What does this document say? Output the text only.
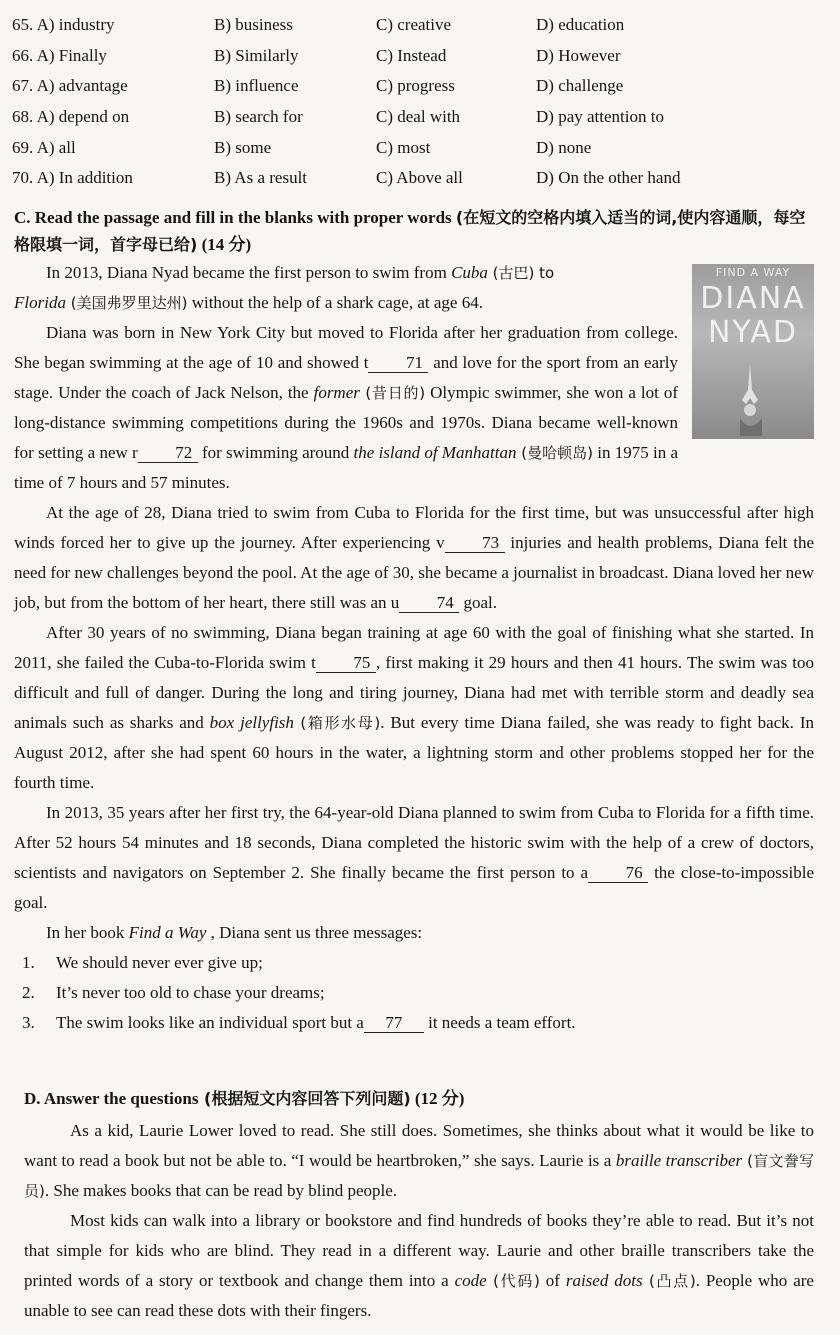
65. A) industry	B) business	C) creative	D) education
66. A) Finally	B) Similarly	C) Instead	D) However
67. A) advantage	B) influence	C) progress	D) challenge
68. A) depend on	B) search for	C) deal with	D) pay attention to
69. A) all	B) some	C) most	D) none
70. A) In addition	B) As a result	C) Above all	D) On the other hand
C. Read the passage and fill in the blanks with proper words (在短文的空格内填入适当的词,使内容通顺，每空格限填一词，首字母已给) (14 分)
FIND A WAY
DIANA
NYAD

In 2013, Diana Nyad became the first person to swim from Cuba (古巴) to
Florida (美国弗罗里达州) without the help of a shark cage, at age 64.

Diana was born in New York City but moved to Florida after her graduation from college. She began swimming at the age of 10 and showed t 71 and love for the sport from an early stage. Under the coach of Jack Nelson, the former (昔日的) Olympic swimmer, she won a lot of long-distance swimming competitions during the 1960s and 1970s. Diana became well-known for setting a new r 72 for swimming around the island of Manhattan (曼哈顿岛) in 1975 in a time of 7 hours and 57 minutes.

At the age of 28, Diana tried to swim from Cuba to Florida for the first time, but was unsuccessful after high winds forced her to give up the journey. After experiencing v 73 injuries and health problems, Diana felt the need for new challenges beyond the pool. At the age of 30, she became a journalist in broadcast. Diana loved her new job, but from the bottom of her heart, there still was an u 74 goal.

After 30 years of no swimming, Diana began training at age 60 with the goal of finishing what she started. In 2011, she failed the Cuba-to-Florida swim t 75 , first making it 29 hours and then 41 hours. The swim was too difficult and full of danger. During the long and tiring journey, Diana had met with terrible storm and deadly sea animals such as sharks and box jellyfish (箱形水母). But every time Diana failed, she was ready to fight back. In August 2012, after she had spent 60 hours in the water, a lightning storm and other problems stopped her for the fourth time.

In 2013, 35 years after her first try, the 64-year-old Diana planned to swim from Cuba to Florida for a fifth time. After 52 hours 54 minutes and 18 seconds, Diana completed the historic swim with the help of a crew of doctors, scientists and navigators on September 2. She finally became the first person to a 76 the close-to-impossible goal.

In her book Find a Way , Diana sent us three messages:

1. We should never ever give up;
2. It’s never too old to chase your dreams;
3. The swim looks like an individual sport but a 77 it needs a team effort.
D. Answer the questions (根据短文内容回答下列问题) (12 分)

As a kid, Laurie Lower loved to read. She still does. Sometimes, she thinks about what it would be like to want to read a book but not be able to. “I would be heartbroken,” she says. Laurie is a braille transcriber (盲文誊写员). She makes books that can be read by blind people.

Most kids can walk into a library or bookstore and find hundreds of books they’re able to read. But it’s not that simple for kids who are blind. They read in a different way. Laurie and other braille transcribers take the printed words of a story or textbook and change them into a code (代码) of raised dots (凸点). People who are unable to see can read these dots with their fingers.
